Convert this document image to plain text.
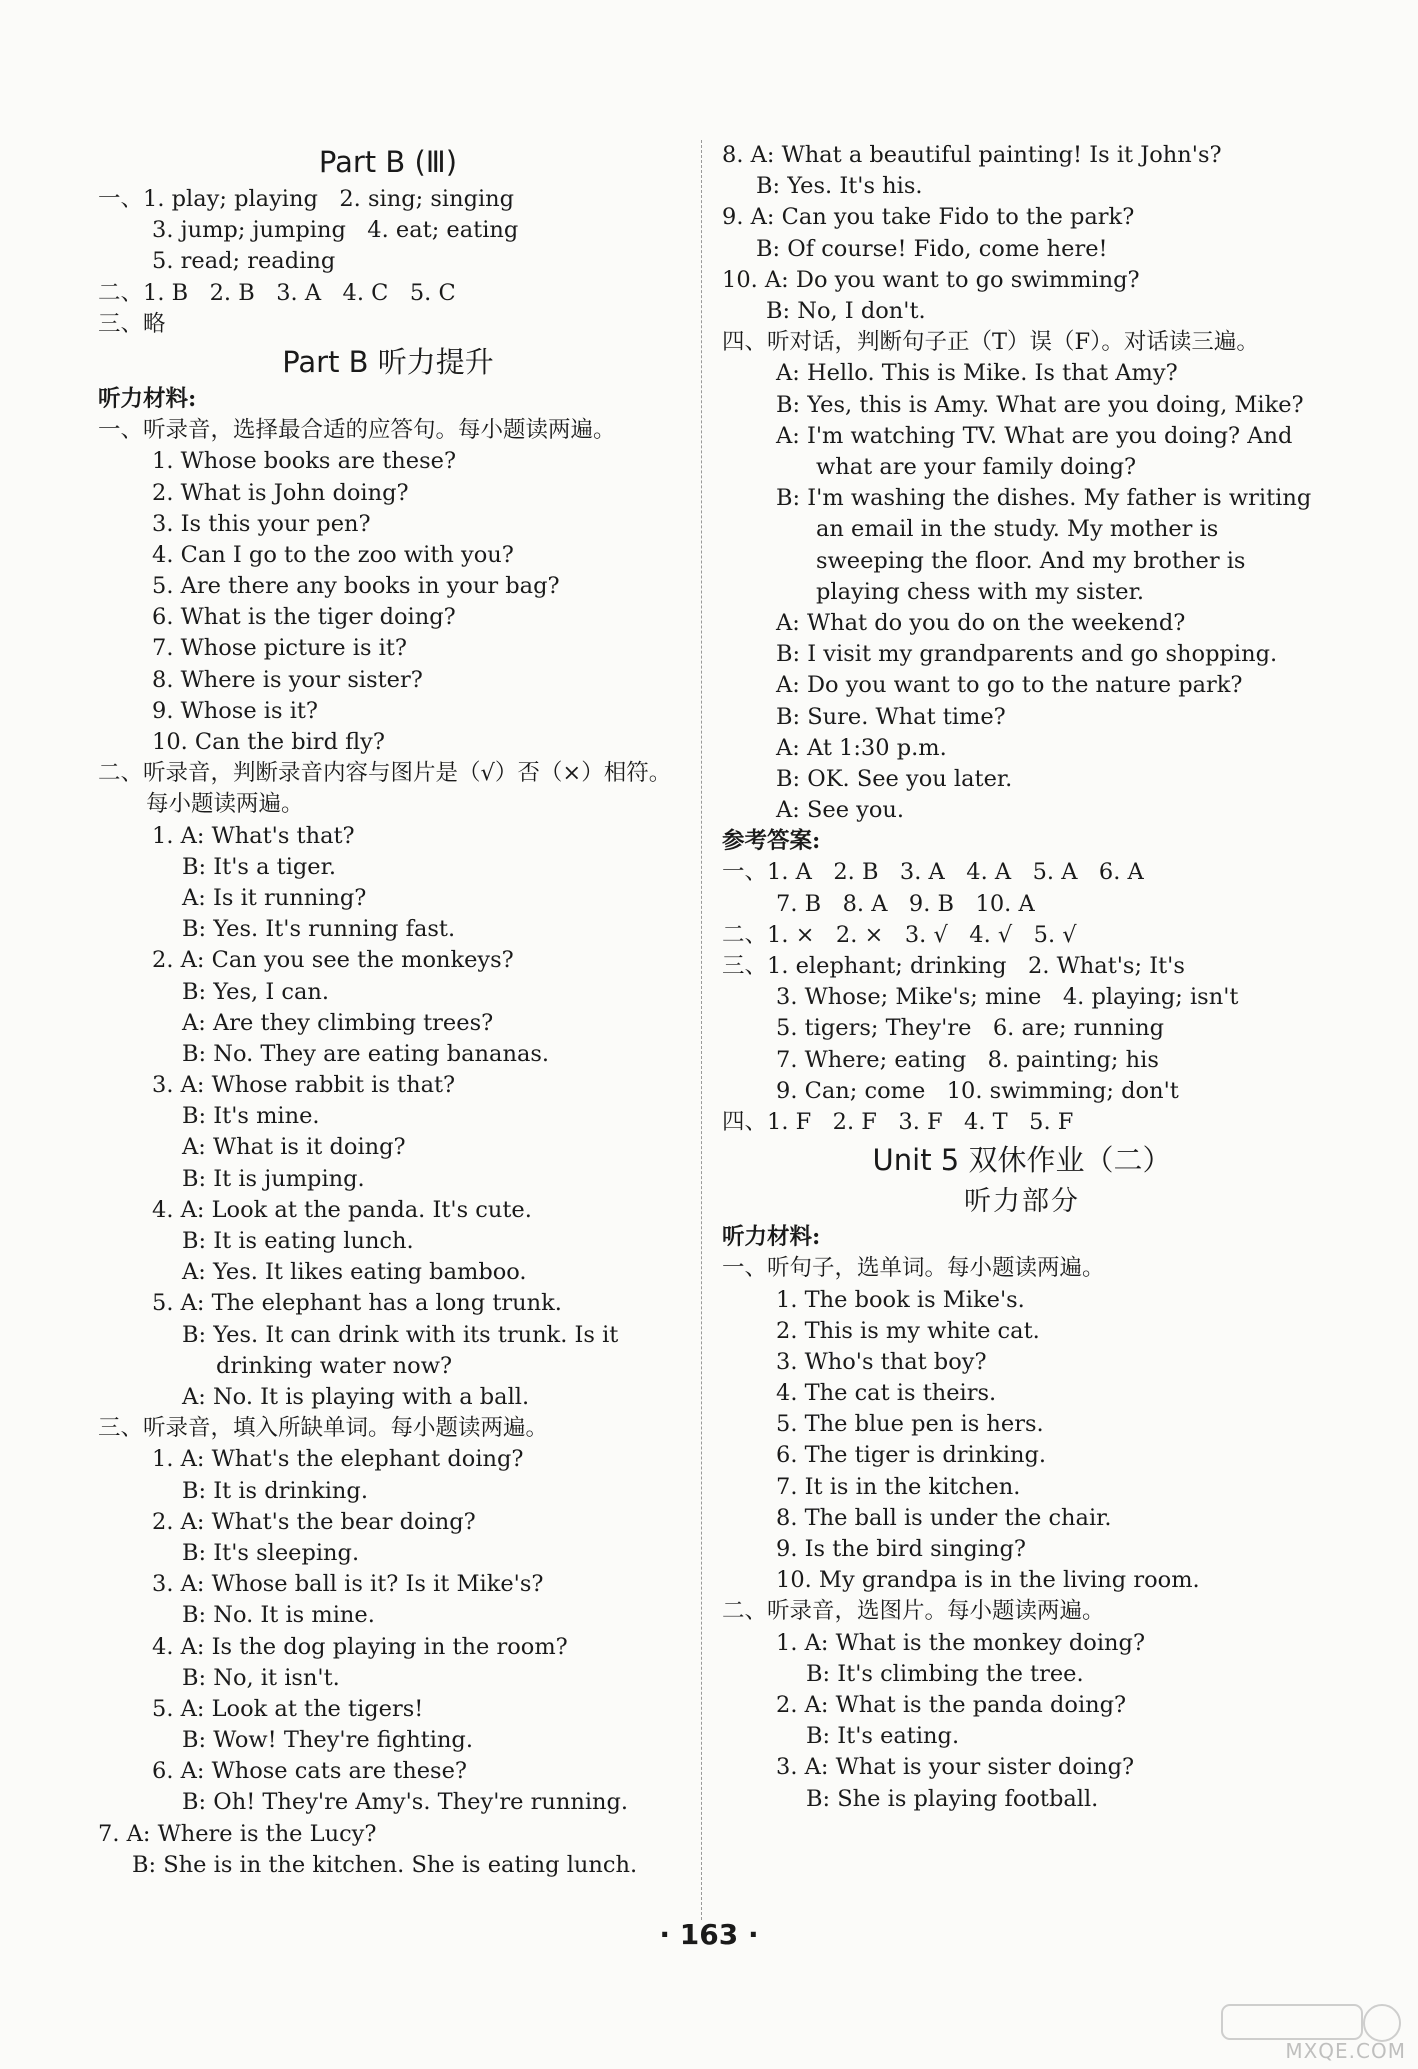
Part B (Ⅲ)
一、1. play; playing   2. sing; singing
3. jump; jumping   4. eat; eating
5. read; reading
二、1. B   2. B   3. A   4. C   5. C
三、略
Part B 听力提升
听力材料:
一、听录音，选择最合适的应答句。每小题读两遍。
1. Whose books are these?
2. What is John doing?
3. Is this your pen?
4. Can I go to the zoo with you?
5. Are there any books in your bag?
6. What is the tiger doing?
7. Whose picture is it?
8. Where is your sister?
9. Whose is it?
10. Can the bird fly?
二、听录音，判断录音内容与图片是（√）否（×）相符。每小题读两遍。
1. A: What's that?
B: It's a tiger.
A: Is it running?
B: Yes. It's running fast.
2. A: Can you see the monkeys?
B: Yes, I can.
A: Are they climbing trees?
B: No. They are eating bananas.
3. A: Whose rabbit is that?
B: It's mine.
A: What is it doing?
B: It is jumping.
4. A: Look at the panda. It's cute.
B: It is eating lunch.
A: Yes. It likes eating bamboo.
5. A: The elephant has a long trunk.
B: Yes. It can drink with its trunk. Is it drinking water now?
A: No. It is playing with a ball.
三、听录音，填入所缺单词。每小题读两遍。
1. A: What's the elephant doing?
B: It is drinking.
2. A: What's the bear doing?
B: It's sleeping.
3. A: Whose ball is it? Is it Mike's?
B: No. It is mine.
4. A: Is the dog playing in the room?
B: No, it isn't.
5. A: Look at the tigers!
B: Wow! They're fighting.
6. A: Whose cats are these?
B: Oh! They're Amy's. They're running.
7. A: Where is the Lucy?
B: She is in the kitchen. She is eating lunch.
8. A: What a beautiful painting! Is it John's?
B: Yes. It's his.
9. A: Can you take Fido to the park?
B: Of course! Fido, come here!
10. A: Do you want to go swimming?
B: No, I don't.
四、听对话，判断句子正（T）误（F）。对话读三遍。
A: Hello. This is Mike. Is that Amy?
B: Yes, this is Amy. What are you doing, Mike?
A: I'm watching TV. What are you doing? And what are your family doing?
B: I'm washing the dishes. My father is writing an email in the study. My mother is sweeping the floor. And my brother is playing chess with my sister.
A: What do you do on the weekend?
B: I visit my grandparents and go shopping.
A: Do you want to go to the nature park?
B: Sure. What time?
A: At 1:30 p.m.
B: OK. See you later.
A: See you.
参考答案:
一、1. A   2. B   3. A   4. A   5. A   6. A
7. B   8. A   9. B   10. A
二、1. ×   2. ×   3. √   4. √   5. √
三、1. elephant; drinking   2. What's; It's
3. Whose; Mike's; mine   4. playing; isn't
5. tigers; They're   6. are; running
7. Where; eating   8. painting; his
9. Can; come   10. swimming; don't
四、1. F   2. F   3. F   4. T   5. F
Unit 5 双休作业（二）
听力部分
听力材料:
一、听句子，选单词。每小题读两遍。
1. The book is Mike's.
2. This is my white cat.
3. Who's that boy?
4. The cat is theirs.
5. The blue pen is hers.
6. The tiger is drinking.
7. It is in the kitchen.
8. The ball is under the chair.
9. Is the bird singing?
10. My grandpa is in the living room.
二、听录音，选图片。每小题读两遍。
1. A: What is the monkey doing?
B: It's climbing the tree.
2. A: What is the panda doing?
B: It's eating.
3. A: What is your sister doing?
B: She is playing football.
· 163 ·
MXQE.COM
